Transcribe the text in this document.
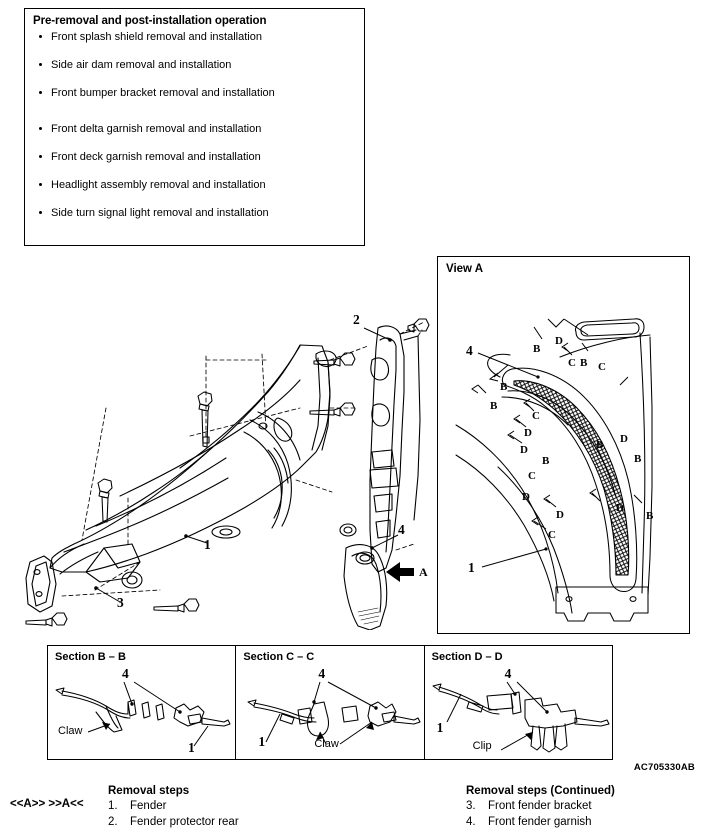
Pre-removal and post-installation operation
Front splash shield removal and installation
Side air dam removal and installation
Front bumper bracket removal and installation
Front delta garnish removal and installation
Front deck garnish removal and installation
Headlight assembly removal and installation
Side turn signal light removal and installation
1
3
2
4
A
View A
B
D
B
B
C
D
D
B
C
D
C B C
B D
B
D
B
D
C
4
1
Section B – B
4
1
Claw
Section C – C
4
1	Claw
Section D – D
4
1
Clip
AC705330AB
<<A>> >>A<<
Removal steps
1. Fender
2. Fender protector rear
Removal steps (Continued)
3. Front fender bracket
4. Front fender garnish
